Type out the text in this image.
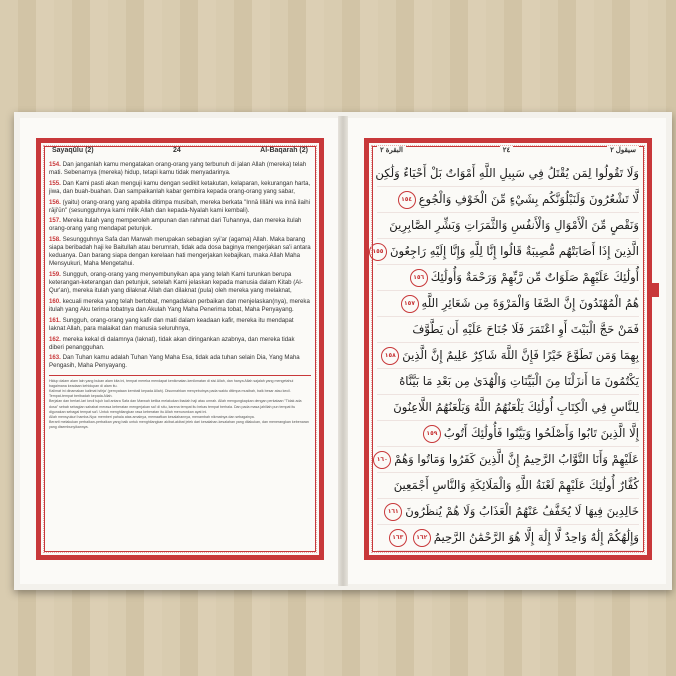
Sayaqūlu (2)	24	Al-Baqarah (2)

154. Dan janganlah kamu mengatakan orang-orang yang terbunuh di jalan Allah (mereka) telah mati. Sebenarnya (mereka) hidup, tetapi kamu tidak menyadarinya.

155. Dan Kami pasti akan menguji kamu dengan sedikit ketakutan, kelaparan, kekurangan harta, jiwa, dan buah-buahan. Dan sampaikanlah kabar gembira kepada orang-orang yang sabar,

156. (yaitu) orang-orang yang apabila ditimpa musibah, mereka berkata "Innā lillāhi wa innā ilaihi rāji'ūn" (sesungguhnya kami milik Allah dan kepada-Nyalah kami kembali).

157. Mereka itulah yang memperoleh ampunan dan rahmat dari Tuhannya, dan mereka itulah orang-orang yang mendapat petunjuk.

158. Sesungguhnya Safa dan Marwah merupakan sebagian syi'ar (agama) Allah. Maka barang siapa beribadah haji ke Baitullah atau berumrah, tidak ada dosa baginya mengerjakan sa'i antara keduanya. Dan barang siapa dengan kerelaan hati mengerjakan kebajikan, maka Allah Maha Mensyukuri, Maha Mengetahui.

159. Sungguh, orang-orang yang menyembunyikan apa yang telah Kami turunkan berupa keterangan-keterangan dan petunjuk, setelah Kami jelaskan kepada manusia dalam Kitab (Al-Qur'an), mereka itulah yang dilaknat Allah dan dilaknat (pula) oleh mereka yang melaknat,

160. kecuali mereka yang telah bertobat, mengadakan perbaikan dan menjelaskan(nya), mereka itulah yang Aku terima tobatnya dan Akulah Yang Maha Penerima tobat, Maha Penyayang.

161. Sungguh, orang-orang yang kafir dan mati dalam keadaan kafir, mereka itu mendapat laknat Allah, para malaikat dan manusia seluruhnya,

162. mereka kekal di dalamnya (laknat), tidak akan diringankan azabnya, dan mereka tidak diberi penangguhan.

163. Dan Tuhan kamu adalah Tuhan Yang Maha Esa, tidak ada tuhan selain Dia, Yang Maha Pengasih, Maha Penyayang.

Hidup dalam alam lain yang bukan alam kita ini, tempat mereka mendapat kenikmatan-kenikmatan di sisi Allah, dan hanya Allah sajalah yang mengetahui bagaimana keadaan kehidupan di alam itu.

Kalimat ini dinamakan kalimat istirja' (pernyataan kembali kepada Allah). Disunnahkan menyebutnya pada waktu ditimpa musibah, baik besar atau kecil.

Tempat-tempat beribadah kepada Allah.

Berjalan dan berlari-lari kecil tujuh kali antara Safa dan Marwah ketika melakukan ibadah haji atau umrah. Allah mengungkapkan dengan perkataan "Tidak ada dosa" sebab sebagian sahabat merasa keberatan mengerjakan sa'i di situ, karena tempat itu bekas tempat berhala. Dan pada masa jahiliah pun tempat itu digunakan sebagai tempat sa'i. Untuk menghilangkan rasa keberatan itu Allah menurunkan ayat ini.

Allah mensyukuri hamba-Nya: memberi pahala atas amalnya, memaafkan kesalahannya, menambah nikmatnya dan sebagainya.

Berarti melakukan perbaikan-perbaikan yang baik untuk menghilangkan akibat-akibat jelek dari kesalahan-kesalahan yang dilakukan, dan menerangkan kebenaran yang disembunyikannya.

سيقول ٢
٢٤
البقرة ٢
وَلَا تَقُولُوا لِمَن يُقْتَلُ فِي سَبِيلِ اللَّهِ أَمْوَاتٌ بَلْ أَحْيَاءٌ وَلَٰكِن
لَّا تَشْعُرُونَ وَلَنَبْلُوَنَّكُم بِشَيْءٍ مِّنَ الْخَوْفِ وَالْجُوعِ١٥٤
وَنَقْصٍ مِّنَ الْأَمْوَالِ وَالْأَنفُسِ وَالثَّمَرَاتِ وَبَشِّرِ الصَّابِرِينَ
الَّذِينَ إِذَا أَصَابَتْهُم مُّصِيبَةٌ قَالُوا إِنَّا لِلَّهِ وَإِنَّا إِلَيْهِ رَاجِعُونَ١٥٥
أُولَٰئِكَ عَلَيْهِمْ صَلَوَاتٌ مِّن رَّبِّهِمْ وَرَحْمَةٌ وَأُولَٰئِكَ١٥٦
هُمُ الْمُهْتَدُونَ إِنَّ الصَّفَا وَالْمَرْوَةَ مِن شَعَائِرِ اللَّهِ١٥٧
فَمَنْ حَجَّ الْبَيْتَ أَوِ اعْتَمَرَ فَلَا جُنَاحَ عَلَيْهِ أَن يَطَّوَّفَ
بِهِمَا وَمَن تَطَوَّعَ خَيْرًا فَإِنَّ اللَّهَ شَاكِرٌ عَلِيمٌ إِنَّ الَّذِينَ١٥٨
يَكْتُمُونَ مَا أَنزَلْنَا مِنَ الْبَيِّنَاتِ وَالْهُدَىٰ مِن بَعْدِ مَا بَيَّنَّاهُ
لِلنَّاسِ فِي الْكِتَابِ أُولَٰئِكَ يَلْعَنُهُمُ اللَّهُ وَيَلْعَنُهُمُ اللَّاعِنُونَ
إِلَّا الَّذِينَ تَابُوا وَأَصْلَحُوا وَبَيَّنُوا فَأُولَٰئِكَ أَتُوبُ١٥٩
عَلَيْهِمْ وَأَنَا التَّوَّابُ الرَّحِيمُ إِنَّ الَّذِينَ كَفَرُوا وَمَاتُوا وَهُمْ١٦٠
كُفَّارٌ أُولَٰئِكَ عَلَيْهِمْ لَعْنَةُ اللَّهِ وَالْمَلَائِكَةِ وَالنَّاسِ أَجْمَعِينَ
خَالِدِينَ فِيهَا لَا يُخَفَّفُ عَنْهُمُ الْعَذَابُ وَلَا هُمْ يُنظَرُونَ١٦١
وَإِلَٰهُكُمْ إِلَٰهٌ وَاحِدٌ لَّا إِلَٰهَ إِلَّا هُوَ الرَّحْمَٰنُ الرَّحِيمُ١٦٢١٦٣
